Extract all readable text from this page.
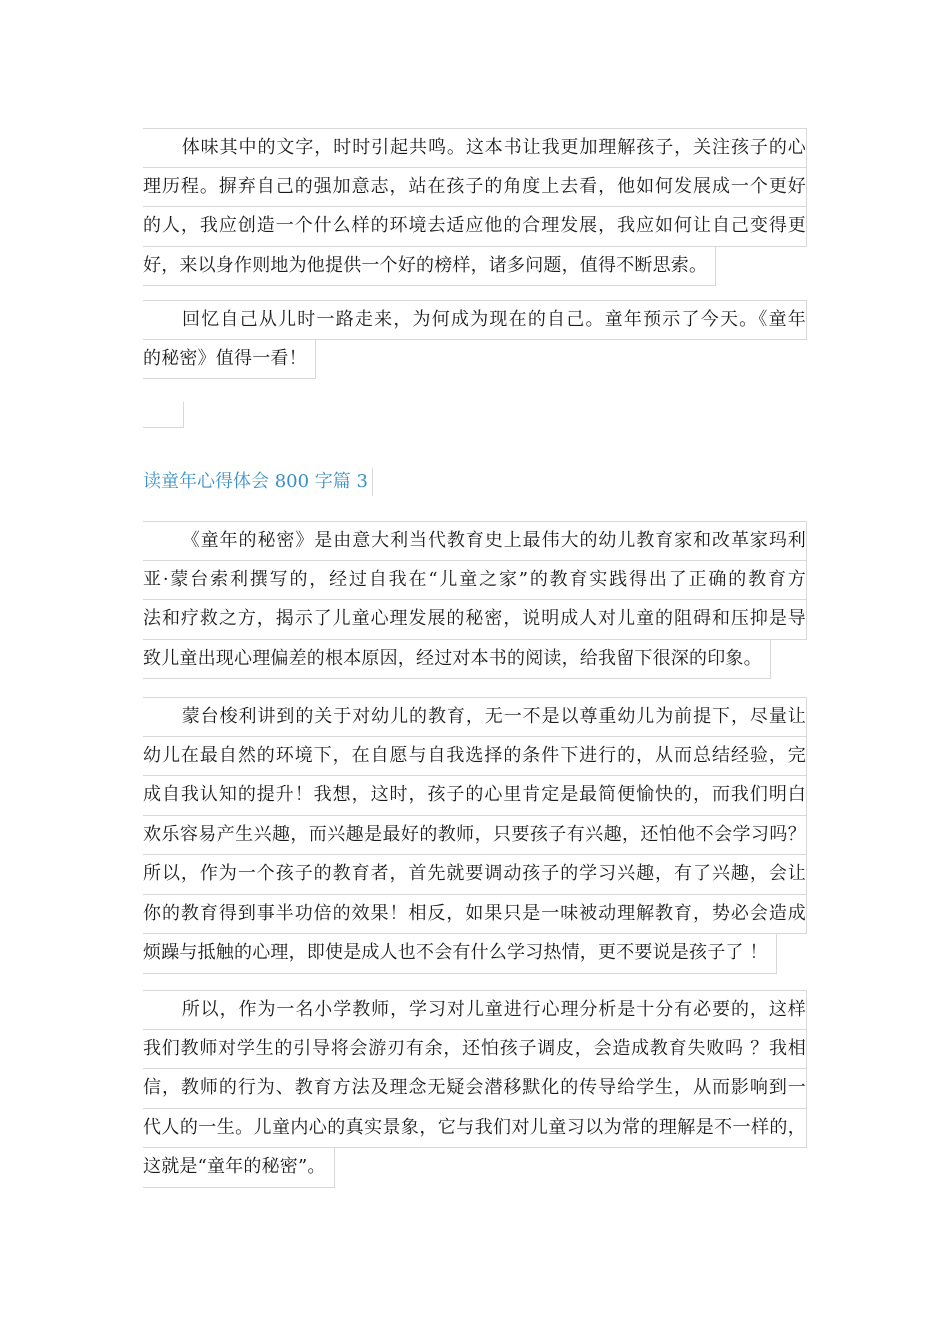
体味其中的文字，时时引起共鸣。这本书让我更加理解孩子，关注孩子的心
理历程。摒弃自己的强加意志，站在孩子的角度上去看，他如何发展成一个更好
的人，我应创造一个什么样的环境去适应他的合理发展，我应如何让自己变得更
好，来以身作则地为他提供一个好的榜样，诸多问题，值得不断思索。
回忆自己从儿时一路走来，为何成为现在的自己。童年预示了今天。《童年
的秘密》值得一看！
读童年心得体会 800 字篇 3
《童年的秘密》是由意大利当代教育史上最伟大的幼儿教育家和改革家玛利
亚·蒙台索利撰写的，经过自我在“儿童之家”的教育实践得出了正确的教育方
法和疗救之方，揭示了儿童心理发展的秘密，说明成人对儿童的阻碍和压抑是导
致儿童出现心理偏差的根本原因，经过对本书的阅读，给我留下很深的印象。
蒙台梭利讲到的关于对幼儿的教育，无一不是以尊重幼儿为前提下，尽量让
幼儿在最自然的环境下，在自愿与自我选择的条件下进行的，从而总结经验，完
成自我认知的提升！我想，这时，孩子的心里肯定是最简便愉快的，而我们明白
欢乐容易产生兴趣，而兴趣是最好的教师，只要孩子有兴趣，还怕他不会学习吗？
所以，作为一个孩子的教育者，首先就要调动孩子的学习兴趣，有了兴趣，会让
你的教育得到事半功倍的效果！相反，如果只是一味被动理解教育，势必会造成
烦躁与抵触的心理，即使是成人也不会有什么学习热情，更不要说是孩子了 ！
所以，作为一名小学教师，学习对儿童进行心理分析是十分有必要的，这样
我们教师对学生的引导将会游刃有余，还怕孩子调皮，会造成教育失败吗 ？我相
信，教师的行为、教育方法及理念无疑会潜移默化的传导给学生，从而影响到一
代人的一生。儿童内心的真实景象，它与我们对儿童习以为常的理解是不一样的，
这就是“童年的秘密”。
